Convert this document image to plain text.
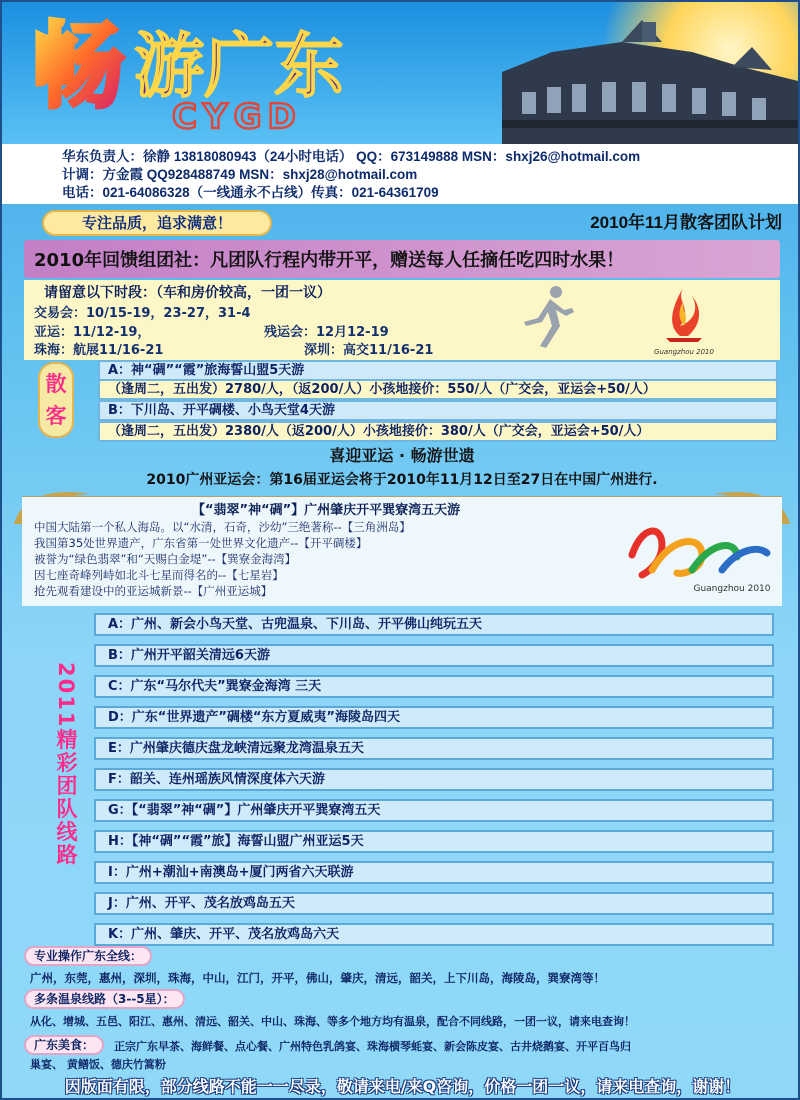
畅 游广东
CYGD
华东负责人：徐静 13818080943（24小时电话） QQ：673149888 MSN：shxj26@hotmail.com
计调：方金霞 QQ928488749 MSN：shxj28@hotmail.com
电话：021-64086328（一线通永不占线）传真：021-64361709
专注品质，追求满意！	2010年11月散客团队计划
2010年回馈组团社：凡团队行程内带开平，赠送每人任摘任吃四时水果！
请留意以下时段：（车和房价较高，一团一议）
交易会：10/15-19，23-27，31-4
亚运：11/12-19，	残运会：12月12-19
珠海：航展11/16-21	深圳：高交11/16-21	Guangzhou 2010
散客
A：神“碉”“霞”旅海誓山盟5天游
（逢周二，五出发）2780/人，（返200/人）小孩地接价：550/人（广交会，亚运会+50/人）
B：下川岛、开平碉楼、小鸟天堂4天游
（逢周二，五出发）2380/人（返200/人）小孩地接价：380/人（广交会，亚运会+50/人）
喜迎亚运 · 畅游世遗
2010广州亚运会：第16届亚运会将于2010年11月12日至27日在中国广州进行.
【“翡翠”神“碉”】广州肇庆开平巽寮湾五天游
中国大陆第一个私人海岛。以“水清，石奇，沙幼”三绝著称--【三角洲岛】
我国第35处世界遗产，广东省第一处世界文化遗产--【开平碉楼】
被誉为“绿色翡翠”和“天赐白金堤”--【巽寮金海湾】
因七座奇峰列峙如北斗七星而得名的--【七星岩】
抢先观看建设中的亚运城新景--【广州亚运城】	Guangzhou 2010
2011精彩团队线路
A：广州、新会小鸟天堂、古兜温泉、下川岛、开平佛山纯玩五天
B：广州开平韶关清远6天游
C：广东“马尔代夫”巽寮金海湾 三天
D：广东“世界遗产”碉楼“东方夏威夷”海陵岛四天
E：广州肇庆德庆盘龙峡清远聚龙湾温泉五天
F：韶关、连州瑶族风情深度体六天游
G：【“翡翠”神“碉”】广州肇庆开平巽寮湾五天
H：【神“碉”“霞”旅】海誓山盟广州亚运5天
I：广州+潮汕+南澳岛+厦门两省六天联游
J：广州、开平、茂名放鸡岛五天
K：广州、肇庆、开平、茂名放鸡岛六天
专业操作广东全线：
广州，东莞，惠州，深圳，珠海，中山，江门，开平，佛山，肇庆，清远，韶关，上下川岛，海陵岛，巽寮湾等！
多条温泉线路（3--5星）：
从化、增城、五邑、阳江、惠州、清远、韶关、中山、珠海、等多个地方均有温泉，配合不同线路，一团一议，请来电查询！
广东美食：	正宗广东早茶、海鲜餐、点心餐、广州特色乳鸽宴、珠海横琴蚝宴、新会陈皮宴、古井烧鹅宴、开平百鸟归
巢宴、 黄鳝饭、德庆竹篙粉
因版面有限，部分线路不能一一尽录，敬请来电/来Q咨询，价格一团一议，请来电查询，谢谢！
